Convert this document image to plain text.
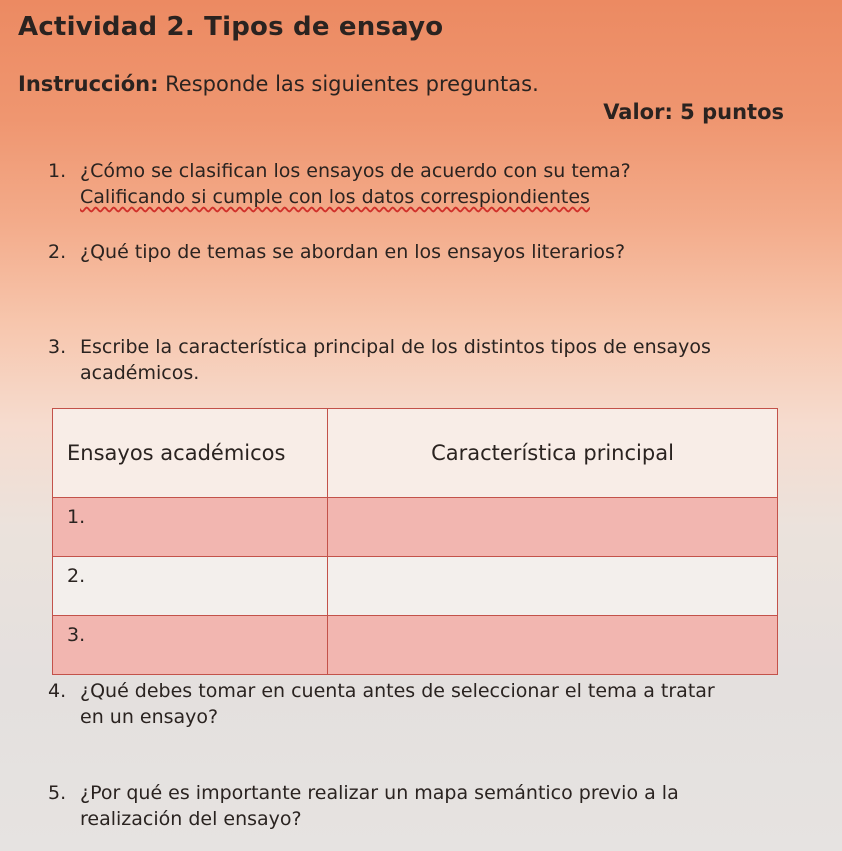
Actividad 2. Tipos de ensayo
Instrucción: Responde las siguientes preguntas.
Valor: 5 puntos
1. ¿Cómo se clasifican los ensayos de acuerdo con su tema?
Calificando si cumple con los datos correspiondientes
2. ¿Qué tipo de temas se abordan en los ensayos literarios?
3. Escribe la característica principal de los distintos tipos de ensayos
académicos.
Ensayos académicos	Característica principal
1.	
2.	
3.	
4. ¿Qué debes tomar en cuenta antes de seleccionar el tema a tratar
en un ensayo?
5. ¿Por qué es importante realizar un mapa semántico previo a la
realización del ensayo?
